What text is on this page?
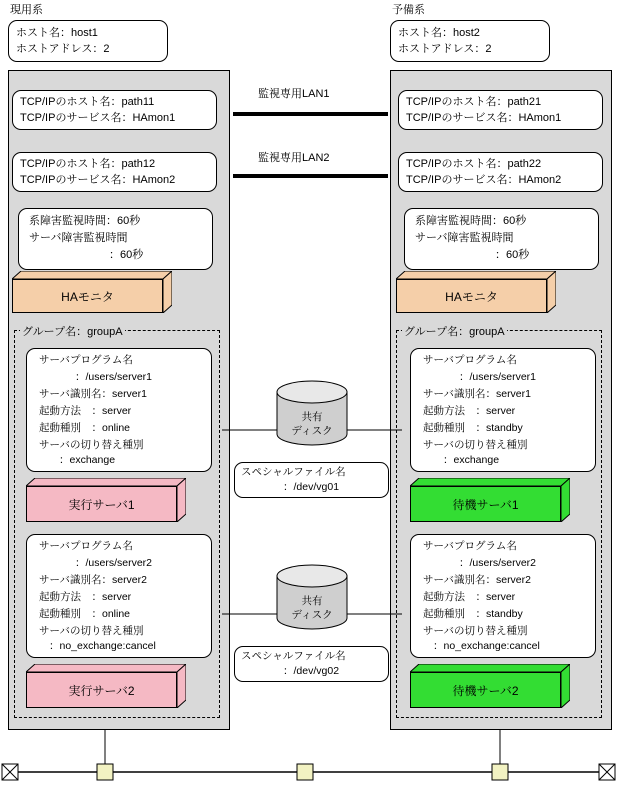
現用系	予備系
ホスト名：host1
ホストアドレス：2
ホスト名：host2
ホストアドレス：2
TCP/IPのホスト名：path11
TCP/IPのサービス名：HAmon1
TCP/IPのホスト名：path12
TCP/IPのサービス名：HAmon2
TCP/IPのホスト名：path21
TCP/IPのサービス名：HAmon1
TCP/IPのホスト名：path22
TCP/IPのサービス名：HAmon2
監視専用LAN1
監視専用LAN2
系障害監視時間：60秒
サーバ障害監視時間
：60秒
系障害監視時間：60秒
サーバ障害監視時間
：60秒
HAモニタ	HAモニタ
グループ名：groupA	グループ名：groupA
サーバプログラム名
：/users/server1
サーバ識別名：server1
起動方法　：server
起動種別　：online
サーバの切り替え種別
：exchange
実行サーバ1
サーバプログラム名
：/users/server2
サーバ識別名：server2
起動方法　：server
起動種別　：online
サーバの切り替え種別
：no_exchange:cancel
実行サーバ2
サーバプログラム名
：/users/server1
サーバ識別名：server1
起動方法　：server
起動種別　：standby
サーバの切り替え種別
：exchange
待機サーバ1
サーバプログラム名
：/users/server2
サーバ識別名：server2
起動方法　：server
起動種別　：standby
サーバの切り替え種別
：no_exchange:cancel
待機サーバ2
共有
ディスク
スペシャルファイル名
：/dev/vg01
共有
ディスク
スペシャルファイル名
：/dev/vg02
